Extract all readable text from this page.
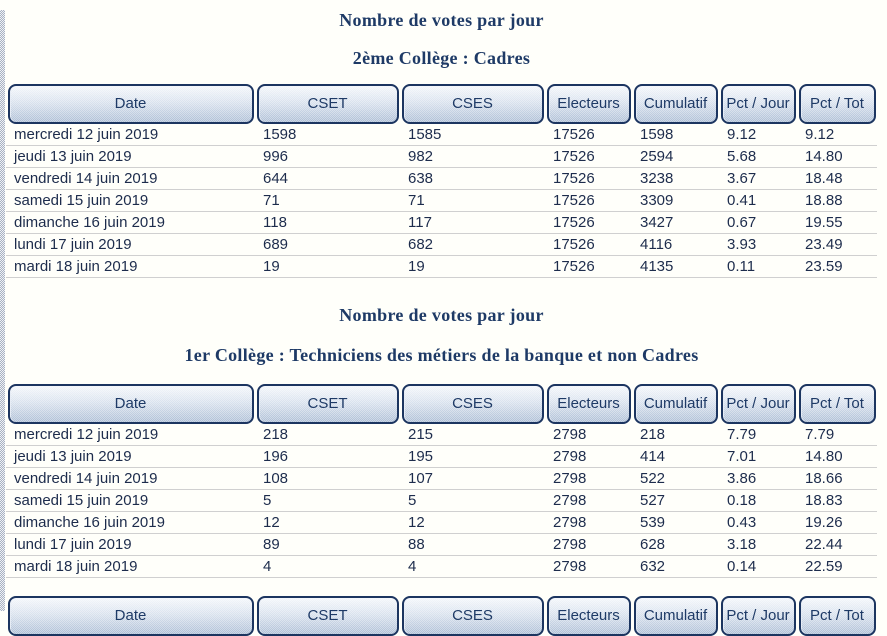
Nombre de votes par jour
2ème Collège : Cadres
Date	CSET	CSES	Electeurs	Cumulatif	Pct / Jour	Pct / Tot
mercredi 12 juin 2019	1598	1585	17526	1598	9.12	9.12
jeudi 13 juin 2019	996	982	17526	2594	5.68	14.80
vendredi 14 juin 2019	644	638	17526	3238	3.67	18.48
samedi 15 juin 2019	71	71	17526	3309	0.41	18.88
dimanche 16 juin 2019	118	117	17526	3427	0.67	19.55
lundi 17 juin 2019	689	682	17526	4116	3.93	23.49
mardi 18 juin 2019	19	19	17526	4135	0.11	23.59
Nombre de votes par jour
1er Collège : Techniciens des métiers de la banque et non Cadres
Date	CSET	CSES	Electeurs	Cumulatif	Pct / Jour	Pct / Tot
mercredi 12 juin 2019	218	215	2798	218	7.79	7.79
jeudi 13 juin 2019	196	195	2798	414	7.01	14.80
vendredi 14 juin 2019	108	107	2798	522	3.86	18.66
samedi 15 juin 2019	5	5	2798	527	0.18	18.83
dimanche 16 juin 2019	12	12	2798	539	0.43	19.26
lundi 17 juin 2019	89	88	2798	628	3.18	22.44
mardi 18 juin 2019	4	4	2798	632	0.14	22.59
Date	CSET	CSES	Electeurs	Cumulatif	Pct / Jour	Pct / Tot
